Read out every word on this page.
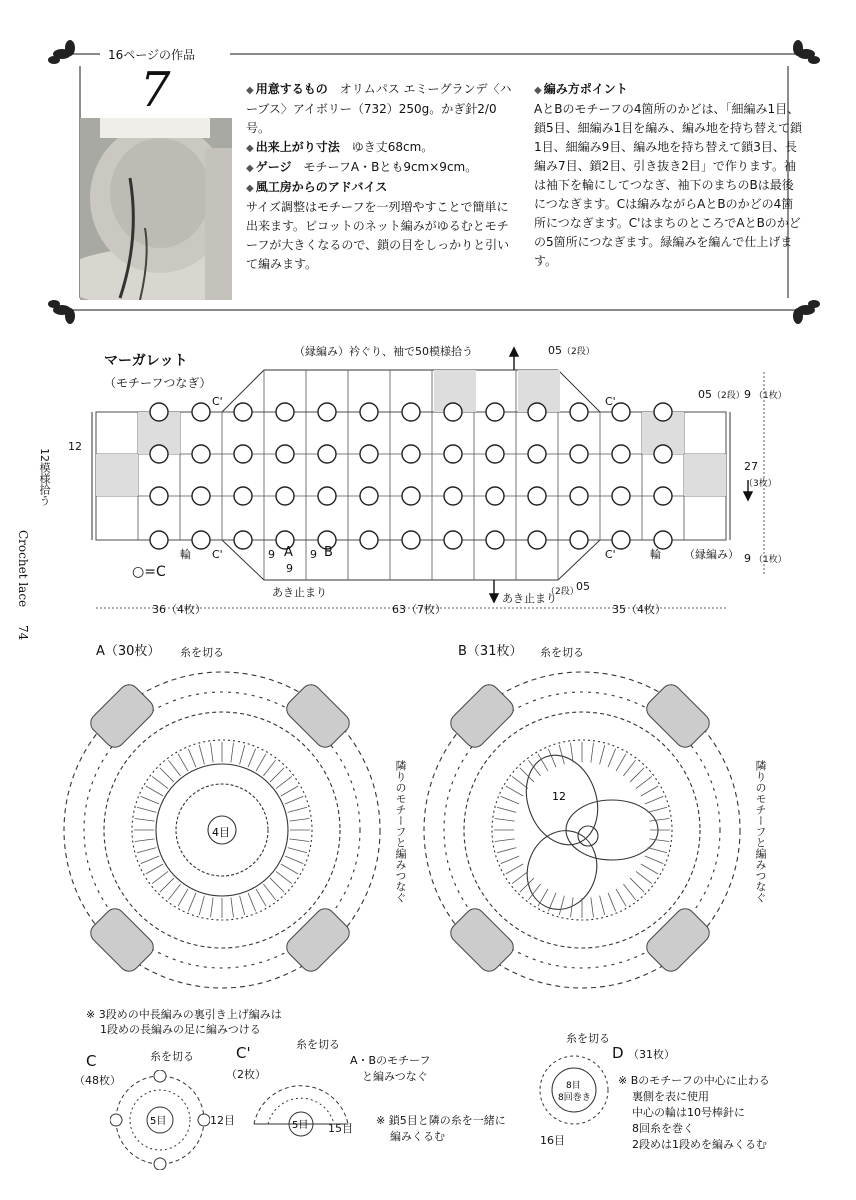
16ページの作品
7

◆	用意するもの　 オリムパス エミーグランデ〈ハーブス〉アイボリー（732）250g。かぎ針2/0号。

◆ 出来上がり寸法　 ゆき丈68cm。

◆ ゲージ　 モチーフA・Bとも9cm×9cm。

◆ 風工房からのアドバイス

サイズ調整はモチーフを一列増やすことで簡単に出来ます。ピコットのネット編みがゆるむとモチーフが大きくなるので、鎖の目をしっかりと引いて編みます。

◆ 編み方ポイント

AとBのモチーフの4箇所のかどは、「細編み1目、鎖5目、細編み1目を編み、編み地を持ち替えて鎖1目、細編み9目、編み地を持ち替えて鎖3目、長編み7目、鎖2目、引き抜き2目」で作ります。袖は袖下を輪にしてつなぎ、袖下のまちのBは最後につなぎます。Cは編みながらAとBのかどの4箇所につなぎます。C'はまちのところでAとBのかどの5箇所につなぎます。緑編みを編んで仕上げます。

Crochet lace
74
マーガレット
（モチーフつなぎ）
（縁編み）衿ぐり、袖で50模様拾う
（縁編み）
12模様拾う
○=C
C'	C'
C'	C'
輪	輪
A B
9	9
9
あき止まり	あき止まり
05
05
05
（2段）
（2段）
（2段）
12
9 （1枚）
27
（3枚）
9 （1枚）
36（4枚）	63（7枚）	35（4枚）
A（30枚） 糸を切る
隣りのモチーフと編みつなぐ
4目
B（31枚） 糸を切る
隣りのモチーフと編みつなぐ
12
※ 3段めの中長編みの裏引き上げ編みは
1段めの長編みの足に編みつける
C
（48枚）
糸を切る
12目
5目
C'
（2枚）
糸を切る
A・Bのモチーフ
と編みつなぐ
15目
※ 鎖5目と隣の糸を一緒に
編みくるむ
5目
D （31枚）
糸を切る
16目
8目
8回巻き
※ Bのモチーフの中心に止わる
裏側を表に使用
中心の輪は10号棒針に
8回糸を巻く
2段めは1段めを編みくるむ
